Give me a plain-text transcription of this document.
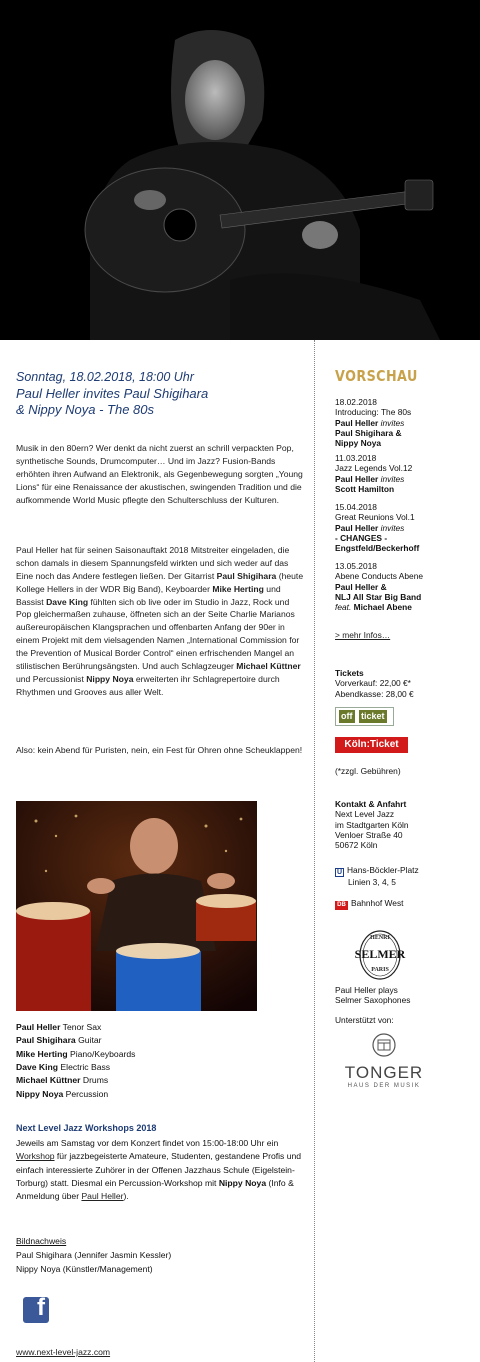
Sonntag, 18.02.2018, 18:00 Uhr
Paul Heller invites Paul Shigihara
& Nippy Noya - The 80s

Musik in den 80ern? Wer denkt da nicht zuerst an schrill verpackten Pop, synthetische Sounds, Drumcomputer… Und im Jazz? Fusion-Bands erhöhten ihren Aufwand an Elektronik, als Gegenbewegung sorgten „Young Lions“ für eine Renaissance der akustischen, swingenden Tradition und die aufkommende World Music pflegte den Schulterschluss der Kulturen.

Paul Heller hat für seinen Saisonauftakt 2018 Mitstreiter eingeladen, die schon damals in diesem Spannungsfeld wirkten und sich weder auf das Eine noch das Andere festlegen ließen. Der Gitarrist Paul Shigihara (heute Kollege Hellers in der WDR Big Band), Keyboarder Mike Herting und Bassist Dave King fühlten sich ob live oder im Studio in Jazz, Rock und Pop gleichermaßen zuhause, öffneten sich an der Seite Charlie Marianos außereuropäischen Klangsprachen und offenbarten Anfang der 90er in einem Projekt mit dem vielsagenden Namen „International Commission for the Prevention of Musical Border Control“ einen erfrischenden Mangel an stilistischen Berührungsängsten. Und auch Schlagzeuger Michael Küttner und Percussionist Nippy Noya erweiterten ihr Schlagrepertoire durch Rhythmen und Grooves aus aller Welt.

Also: kein Abend für Puristen, nein, ein Fest für Ohren ohne Scheuklappen!

Paul Heller Tenor Sax
Paul Shigihara Guitar
Mike Herting Piano/Keyboards
Dave King Electric Bass
Michael Küttner Drums
Nippy Noya Percussion
Next Level Jazz Workshops 2018

Jeweils am Samstag vor dem Konzert findet von 15:00-18:00 Uhr ein Workshop für jazzbegeisterte Amateure, Studenten, gestandene Profis und einfach interessierte Zuhörer in der Offenen Jazzhaus Schule (Eigelstein-Torburg) statt. Diesmal ein Percussion-Workshop mit Nippy Noya (Info & Anmeldung über Paul Heller).

Bildnachweis
Paul Shigihara (Jennifer Jasmin Kessler)
Nippy Noya (Künstler/Management)
f
www.next-level-jazz.com
VORSCHAU
18.02.2018
Introducing: The 80s
Paul Heller invites
Paul Shigihara &
Nippy Noya
11.03.2018
Jazz Legends Vol.12
Paul Heller invites
Scott Hamilton
15.04.2018
Great Reunions Vol.1
Paul Heller invites
- CHANGES -
Engstfeld/Beckerhoff
13.05.2018
Abene Conducts Abene
Paul Heller &
NLJ All Star Big Band
feat. Michael Abene
> mehr Infos…
Tickets
Vorverkauf: 22,00 €*
Abendkasse: 28,00 €
off ticket
Köln:Ticket
(*zzgl. Gebühren)
Kontakt & Anfahrt
Next Level Jazz
im Stadtgarten Köln
Venloer Straße 40
50672 Köln
U Hans-Böckler-Platz
Linien 3, 4, 5
DB Bahnhof West
HENRI
SELMER
PARIS
Paul Heller plays
Selmer Saxophones
Unterstützt von:
TONGER
HAUS DER MUSIK
